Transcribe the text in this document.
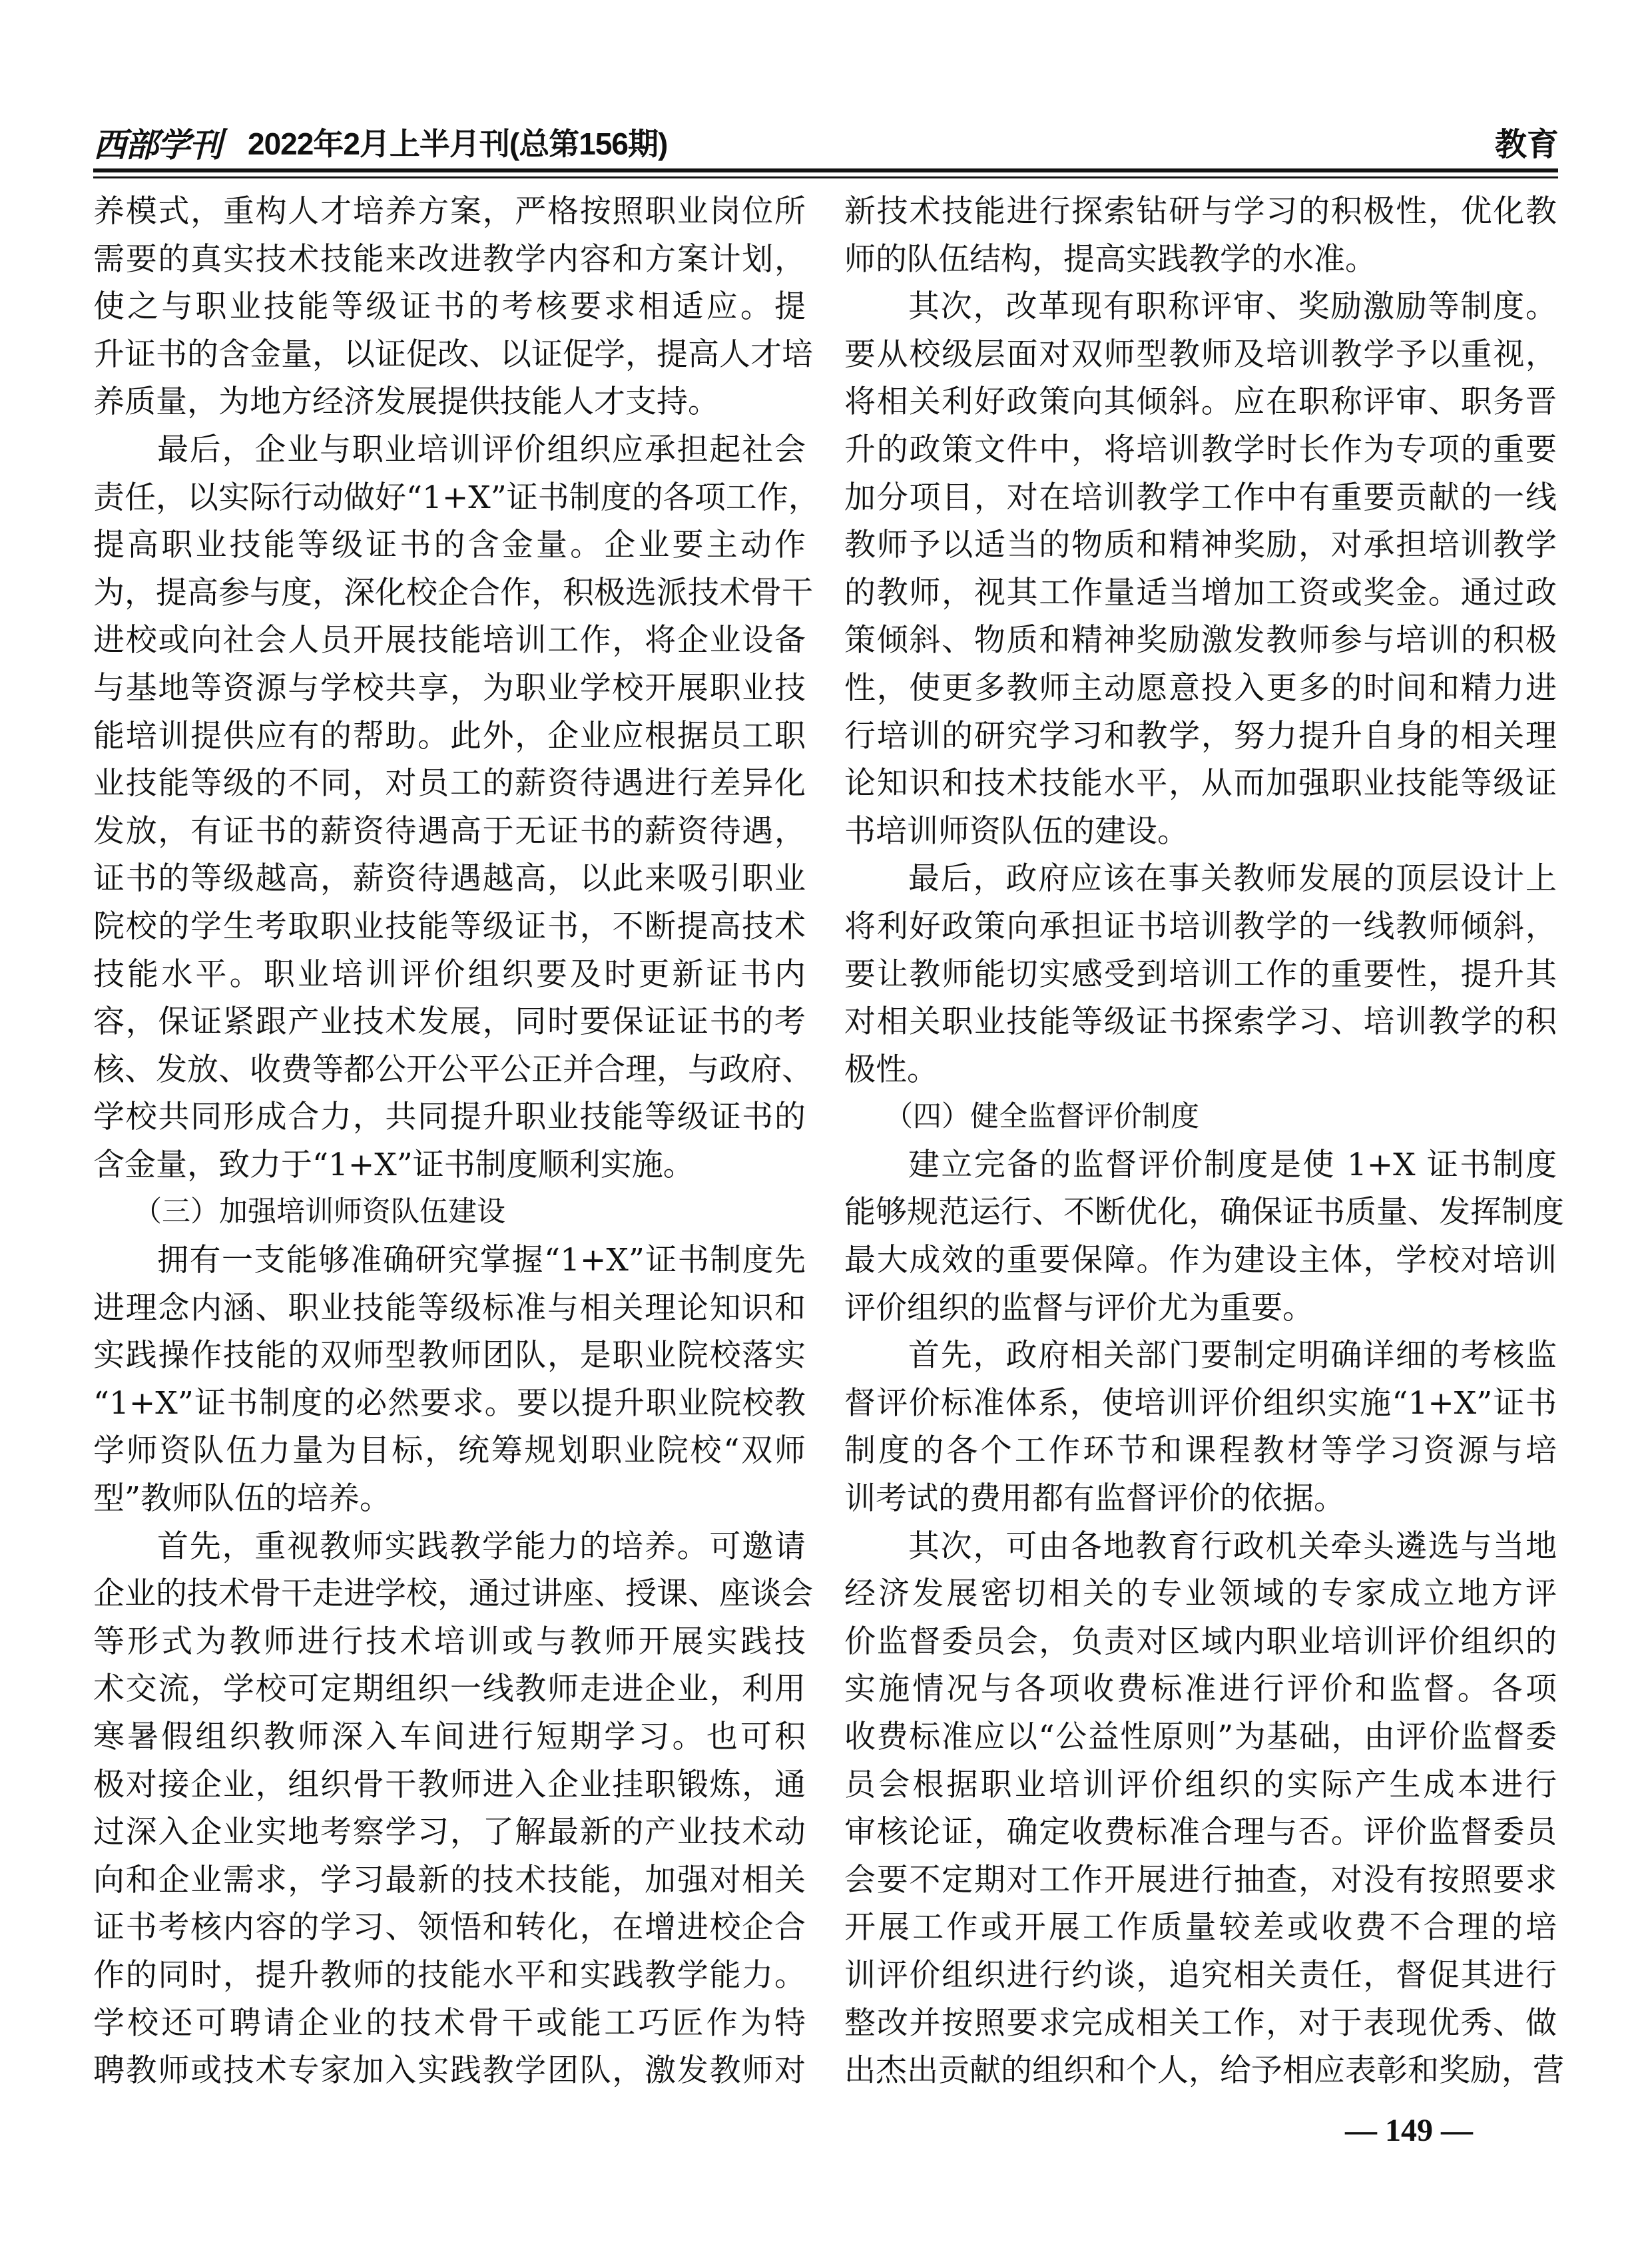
西部学刊 2022年2月上半月刊(总第156期)	教育
养模式，重构人才培养方案，严格按照职业岗位所
需要的真实技术技能来改进教学内容和方案计划，
使之与职业技能等级证书的考核要求相适应。提
升证书的含金量，以证促改、以证促学，提高人才培
养质量，为地方经济发展提供技能人才支持。
最后，企业与职业培训评价组织应承担起社会
责任，以实际行动做好“1+X”证书制度的各项工作，
提高职业技能等级证书的含金量。企业要主动作
为，提高参与度，深化校企合作，积极选派技术骨干
进校或向社会人员开展技能培训工作，将企业设备
与基地等资源与学校共享，为职业学校开展职业技
能培训提供应有的帮助。此外，企业应根据员工职
业技能等级的不同，对员工的薪资待遇进行差异化
发放，有证书的薪资待遇高于无证书的薪资待遇，
证书的等级越高，薪资待遇越高，以此来吸引职业
院校的学生考取职业技能等级证书，不断提高技术
技能水平。职业培训评价组织要及时更新证书内
容，保证紧跟产业技术发展，同时要保证证书的考
核、发放、收费等都公开公平公正并合理，与政府、
学校共同形成合力，共同提升职业技能等级证书的
含金量，致力于“1+X”证书制度顺利实施。
（三）加强培训师资队伍建设
拥有一支能够准确研究掌握“1+X”证书制度先
进理念内涵、职业技能等级标准与相关理论知识和
实践操作技能的双师型教师团队，是职业院校落实
“1+X”证书制度的必然要求。要以提升职业院校教
学师资队伍力量为目标，统筹规划职业院校“双师
型”教师队伍的培养。
首先，重视教师实践教学能力的培养。可邀请
企业的技术骨干走进学校，通过讲座、授课、座谈会
等形式为教师进行技术培训或与教师开展实践技
术交流，学校可定期组织一线教师走进企业，利用
寒暑假组织教师深入车间进行短期学习。也可积
极对接企业，组织骨干教师进入企业挂职锻炼，通
过深入企业实地考察学习，了解最新的产业技术动
向和企业需求，学习最新的技术技能，加强对相关
证书考核内容的学习、领悟和转化，在增进校企合
作的同时，提升教师的技能水平和实践教学能力。
学校还可聘请企业的技术骨干或能工巧匠作为特
聘教师或技术专家加入实践教学团队，激发教师对
新技术技能进行探索钻研与学习的积极性，优化教
师的队伍结构，提高实践教学的水准。
其次，改革现有职称评审、奖励激励等制度。
要从校级层面对双师型教师及培训教学予以重视，
将相关利好政策向其倾斜。应在职称评审、职务晋
升的政策文件中，将培训教学时长作为专项的重要
加分项目，对在培训教学工作中有重要贡献的一线
教师予以适当的物质和精神奖励，对承担培训教学
的教师，视其工作量适当增加工资或奖金。通过政
策倾斜、物质和精神奖励激发教师参与培训的积极
性，使更多教师主动愿意投入更多的时间和精力进
行培训的研究学习和教学，努力提升自身的相关理
论知识和技术技能水平，从而加强职业技能等级证
书培训师资队伍的建设。
最后，政府应该在事关教师发展的顶层设计上
将利好政策向承担证书培训教学的一线教师倾斜，
要让教师能切实感受到培训工作的重要性，提升其
对相关职业技能等级证书探索学习、培训教学的积
极性。
（四）健全监督评价制度
建立完备的监督评价制度是使 1+X 证书制度
能够规范运行、不断优化，确保证书质量、发挥制度
最大成效的重要保障。作为建设主体，学校对培训
评价组织的监督与评价尤为重要。
首先，政府相关部门要制定明确详细的考核监
督评价标准体系，使培训评价组织实施“1+X”证书
制度的各个工作环节和课程教材等学习资源与培
训考试的费用都有监督评价的依据。
其次，可由各地教育行政机关牵头遴选与当地
经济发展密切相关的专业领域的专家成立地方评
价监督委员会，负责对区域内职业培训评价组织的
实施情况与各项收费标准进行评价和监督。各项
收费标准应以“公益性原则”为基础，由评价监督委
员会根据职业培训评价组织的实际产生成本进行
审核论证，确定收费标准合理与否。评价监督委员
会要不定期对工作开展进行抽查，对没有按照要求
开展工作或开展工作质量较差或收费不合理的培
训评价组织进行约谈，追究相关责任，督促其进行
整改并按照要求完成相关工作，对于表现优秀、做
出杰出贡献的组织和个人，给予相应表彰和奖励，营
— 149 —
